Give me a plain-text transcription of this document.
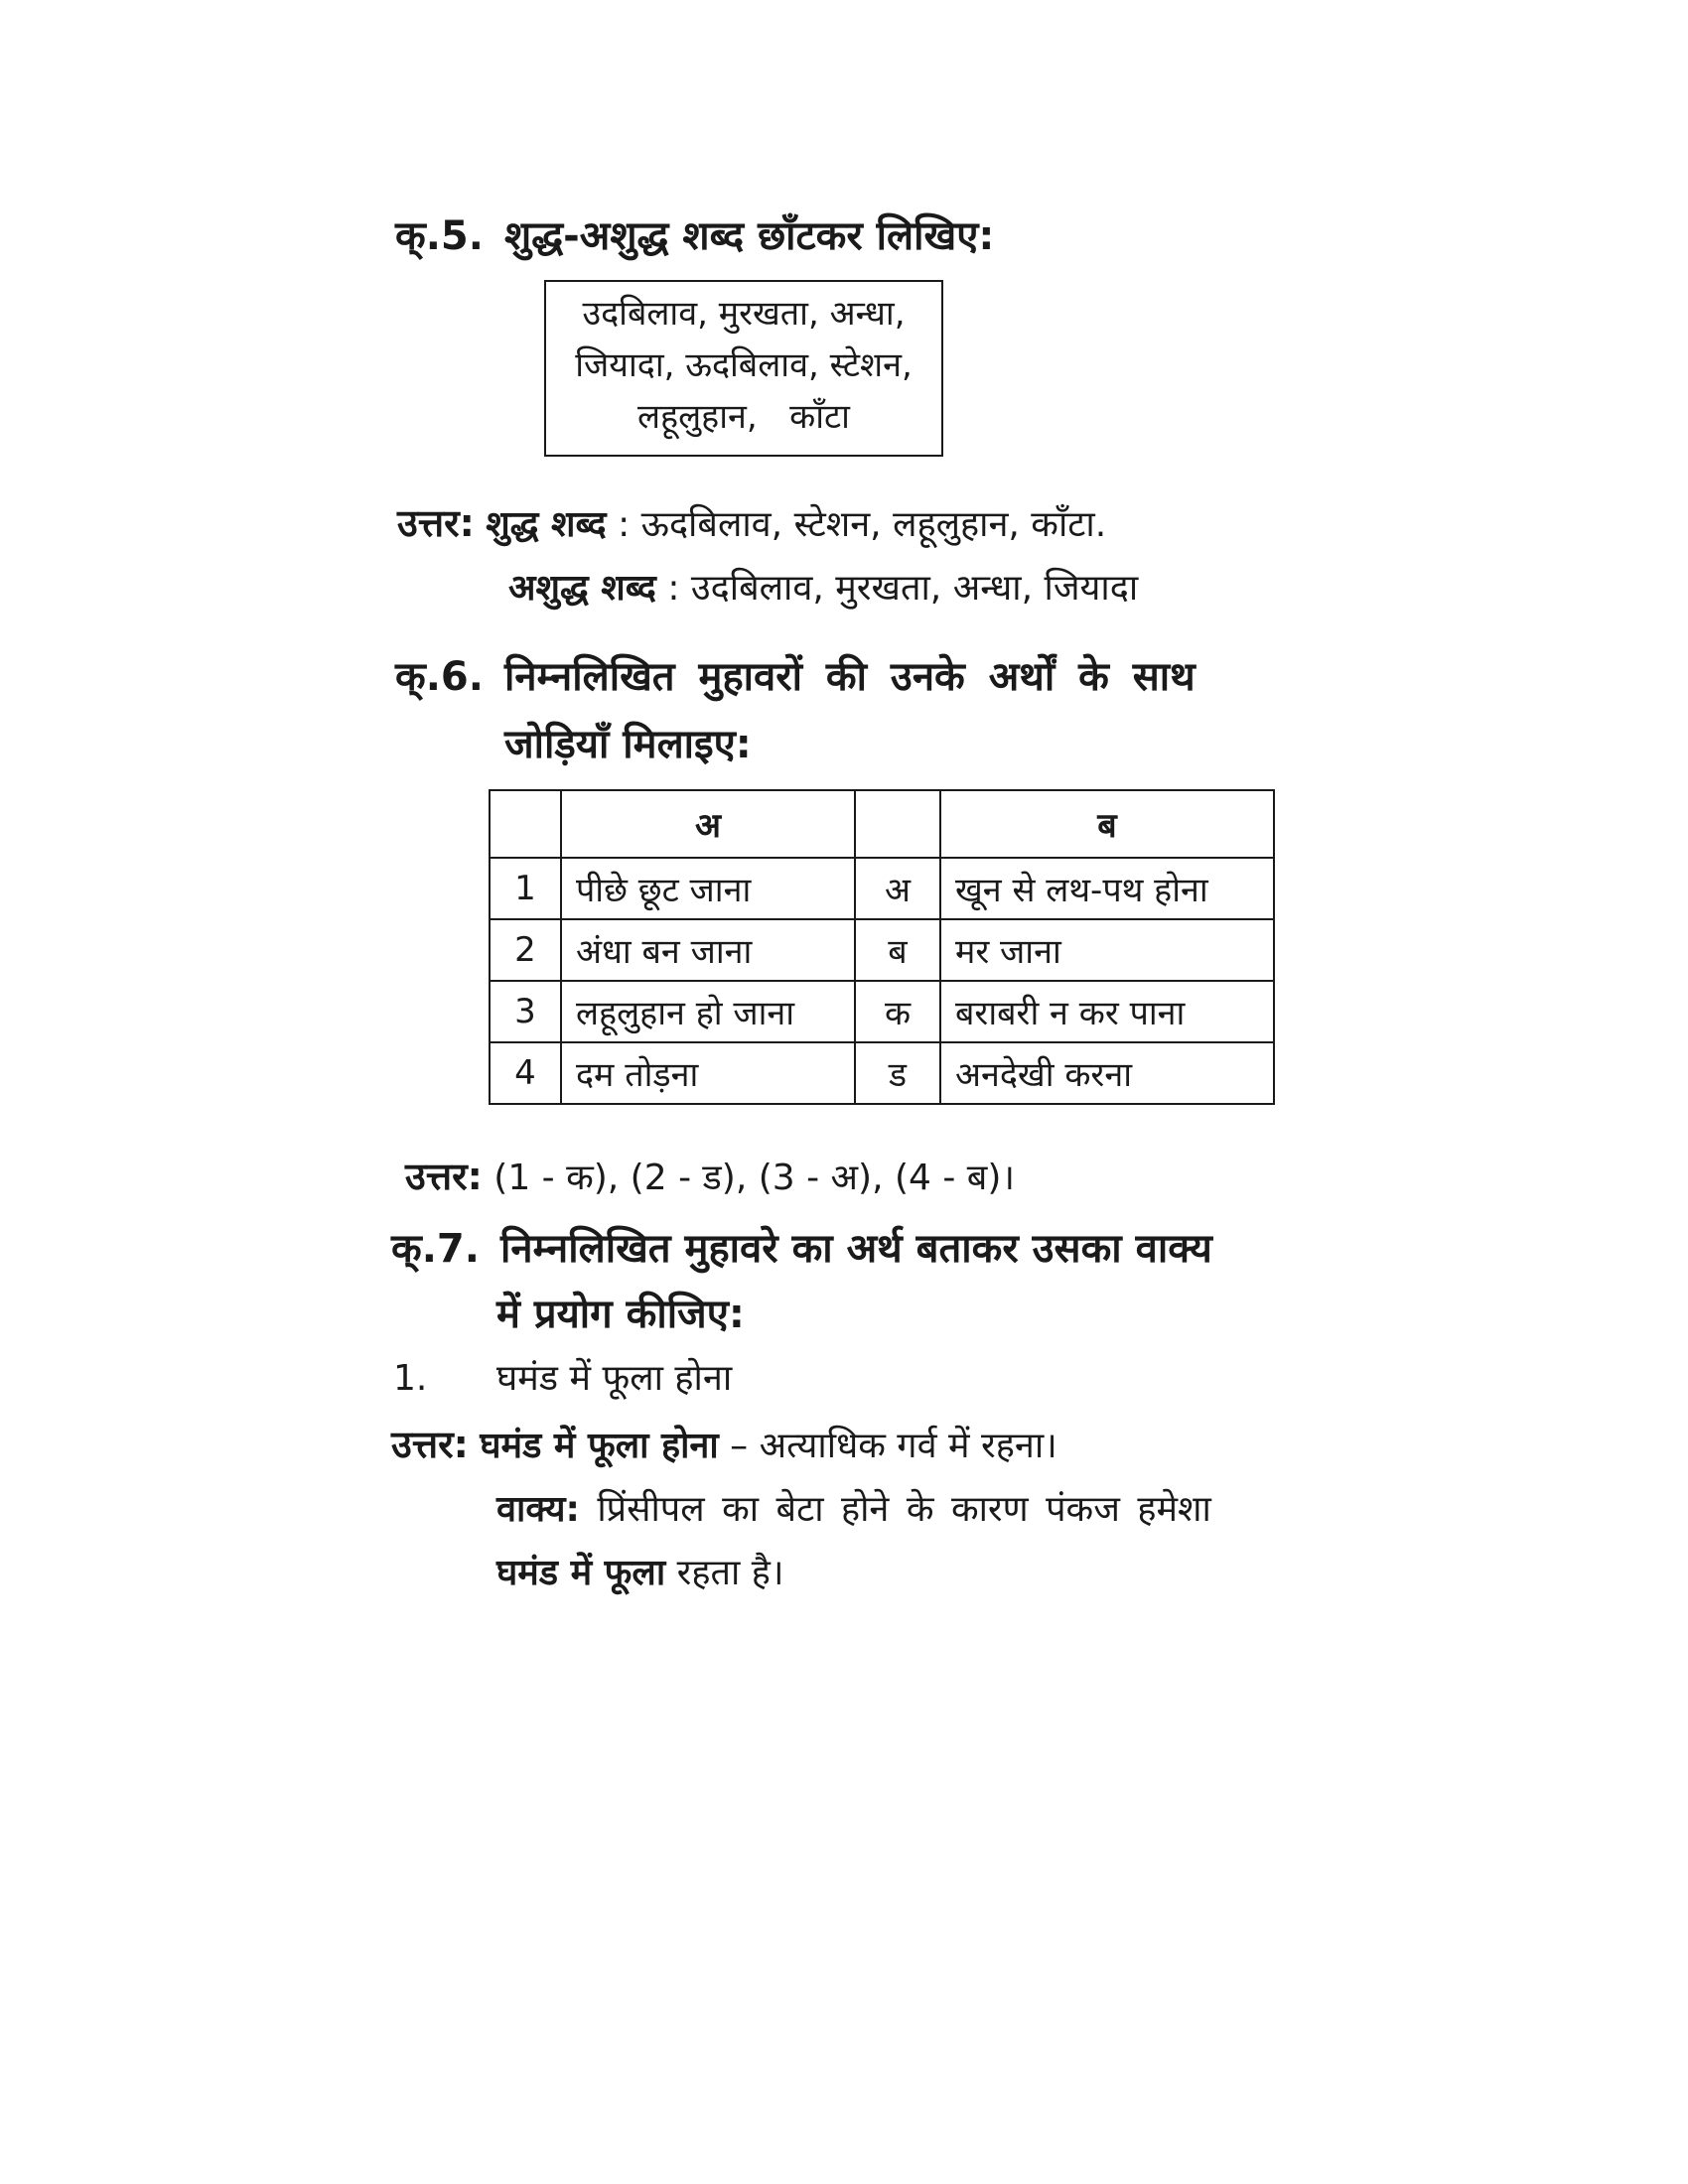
क्.5. शुद्ध-अशुद्ध शब्द छाँटकर लिखिए:
उदबिलाव, मुरखता, अन्धा,
जियादा, ऊदबिलाव, स्टेशन,
लहूलुहान,   काँटा
उत्तर: शुद्ध शब्द : ऊदबिलाव, स्टेशन, लहूलुहान, काँटा.
अशुद्ध शब्द : उदबिलाव, मुरखता, अन्धा, जियादा
क्.6. निम्नलिखित मुहावरों की उनके अर्थों के साथ
जोड़ियाँ मिलाइए:
	अ		ब
1	पीछे छूट जाना	अ	खून से लथ-पथ होना
2	अंधा बन जाना	ब	मर जाना
3	लहूलुहान हो जाना	क	बराबरी न कर पाना
4	दम तोड़ना	ड	अनदेखी करना
उत्तर: (1 - क), (2 - ड), (3 - अ), (4 - ब)।
क्.7. निम्नलिखित मुहावरे का अर्थ बताकर उसका वाक्य
में प्रयोग कीजिए:
1. घमंड में फूला होना
उत्तर: घमंड में फूला होना – अत्याधिक गर्व में रहना।
वाक्य: प्रिंसीपल का बेटा होने के कारण पंकज हमेशा
घमंड में फूला रहता है।
